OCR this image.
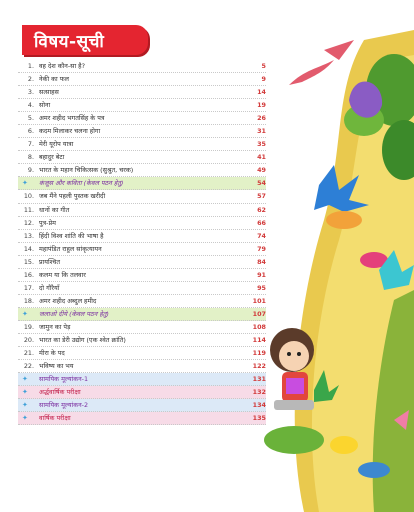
विषय-सूची
1. वह देश कौन-सा है?	5
2. नेकी का फल	9
3. सत्साहस	14
4. सोना	19
5. अमर शहीद भगतसिंह के पत्र	26
6. कदम मिलाकर चलना होगा	31
7. मेरी यूरोप यात्रा	35
8. बहादुर बेटा	41
9. भारत के महान चिकित्सक (सुश्रुत, चरक)	49
✦ कंजूस और कविता (केवल पठन हेतु)	54
10. जब मैंने पहली पुस्तक खरीदी	57
11. धानों का गीत	62
12. पुत्र-प्रेम	66
13. हिंदी विश्व शांति की भाषा है	74
14. महापंडित राहुल सांकृत्यायन	79
15. प्रायश्चित	84
16. कलम या कि तलवार	91
17. दो गौरैयाँ	95
18. अमर शहीद अब्दुल हमीद	101
✦ जलाओ दीये (केवल पठन हेतु)	107
19. जामुन का पेड़	108
20. भारत का डेरी उद्योग (एक श्वेत क्रांति)	114
21. मीरा के पद	119
22. भविष्य का भय	122
✦ सामयिक मूल्यांकन-1	131
✦ अर्द्धवार्षिक परीक्षा	132
✦ सामयिक मूल्यांकन-2	134
✦ वार्षिक परीक्षा	135
